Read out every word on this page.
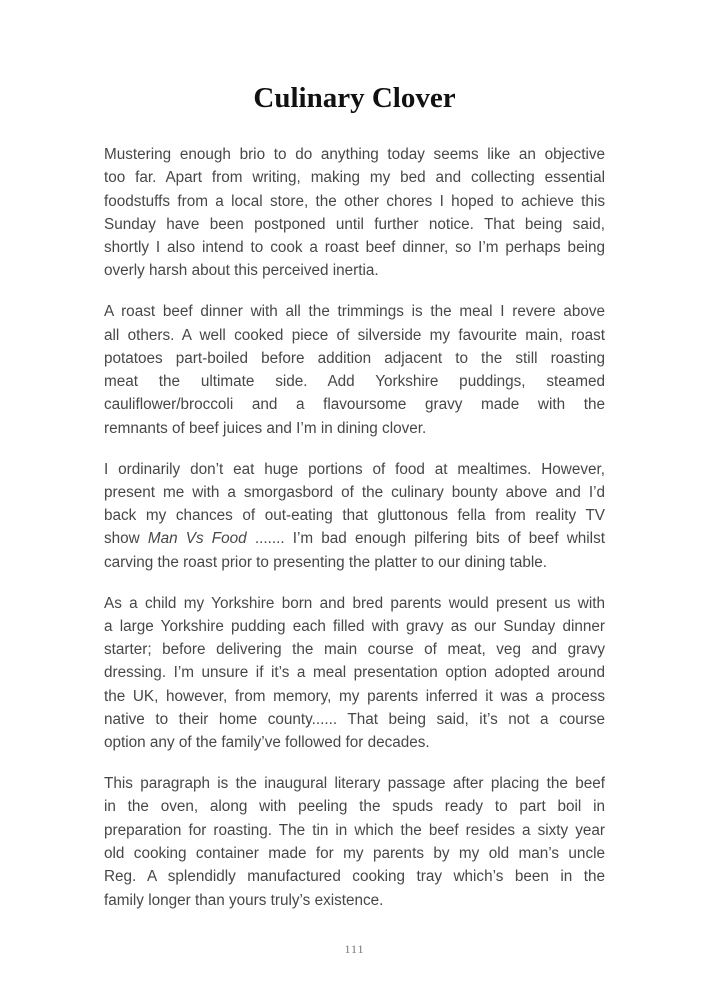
Culinary Clover

Mustering enough brio to do anything today seems like an objective
too far. Apart from writing, making my bed and collecting essential
foodstuffs from a local store, the other chores I hoped to achieve this
Sunday have been postponed until further notice. That being said,
shortly I also intend to cook a roast beef dinner, so I’m perhaps being
overly harsh about this perceived inertia.

A roast beef dinner with all the trimmings is the meal I revere above
all others. A well cooked piece of silverside my favourite main, roast
potatoes part-boiled before addition adjacent to the still roasting
meat the ultimate side. Add Yorkshire puddings, steamed
cauliflower/broccoli and a flavoursome gravy made with the
remnants of beef juices and I’m in dining clover.

I ordinarily don’t eat huge portions of food at mealtimes. However,
present me with a smorgasbord of the culinary bounty above and I’d
back my chances of out-eating that gluttonous fella from reality TV
show Man Vs Food ....... I’m bad enough pilfering bits of beef whilst
carving the roast prior to presenting the platter to our dining table.

As a child my Yorkshire born and bred parents would present us with
a large Yorkshire pudding each filled with gravy as our Sunday dinner
starter; before delivering the main course of meat, veg and gravy
dressing. I’m unsure if it’s a meal presentation option adopted around
the UK, however, from memory, my parents inferred it was a process
native to their home county...... That being said, it’s not a course
option any of the family’ve followed for decades.

This paragraph is the inaugural literary passage after placing the beef
in the oven, along with peeling the spuds ready to part boil in
preparation for roasting. The tin in which the beef resides a sixty year
old cooking container made for my parents by my old man’s uncle
Reg. A splendidly manufactured cooking tray which’s been in the
family longer than yours truly’s existence.

111
